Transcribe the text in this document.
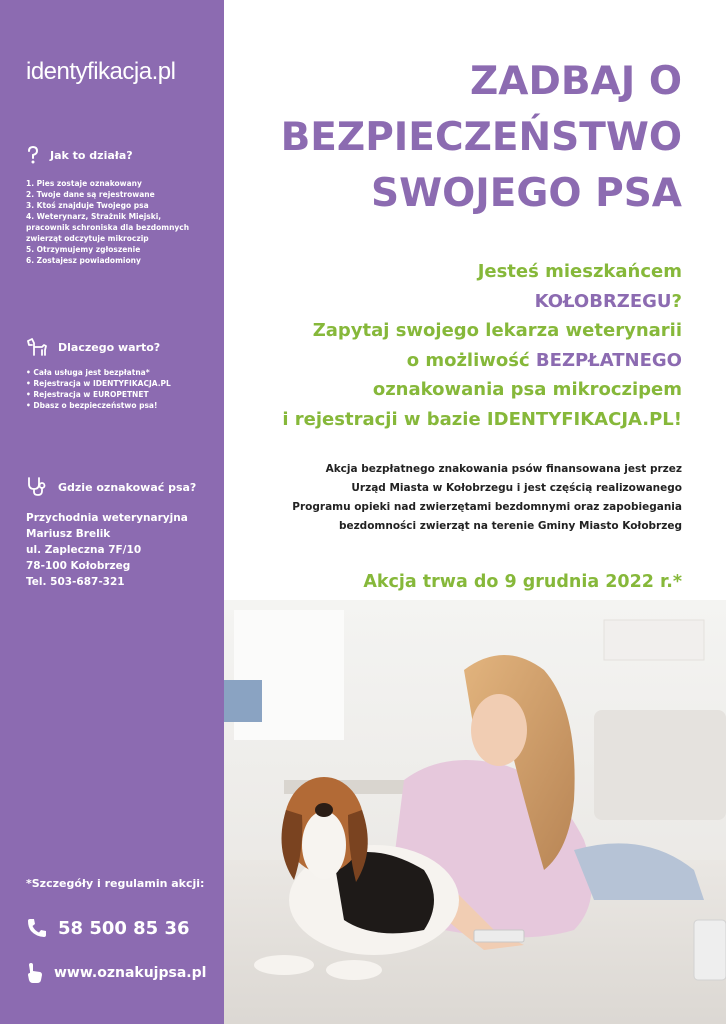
identyfikacja.pl
Jak to działa?
1. Pies zostaje oznakowany
2. Twoje dane są rejestrowane
3. Ktoś znajduje Twojego psa
4. Weterynarz, Strażnik Miejski,
pracownik schroniska dla bezdomnych
zwierząt odczytuje mikroczip
5. Otrzymujemy zgłoszenie
6. Zostajesz powiadomiony
Dlaczego warto?
• Cała usługa jest bezpłatna*
• Rejestracja w IDENTYFIKACJA.PL
• Rejestracja w EUROPETNET
• Dbasz o bezpieczeństwo psa!
Gdzie oznakować psa?
Przychodnia weterynaryjna
Mariusz Brelik
ul. Zapleczna 7F/10
78-100 Kołobrzeg
Tel. 503-687-321
*Szczegóły i regulamin akcji:
58 500 85 36
www.oznakujpsa.pl
ZADBAJ O
BEZPIECZEŃSTWO
SWOJEGO PSA
Jesteś mieszkańcem
KOŁOBRZEGU?
Zapytaj swojego lekarza weterynarii
o możliwość BEZPŁATNEGO
oznakowania psa mikroczipem
i rejestracji w bazie IDENTYFIKACJA.PL!
Akcja bezpłatnego znakowania psów finansowana jest przez
Urząd Miasta w Kołobrzegu i jest częścią realizowanego
Programu opieki nad zwierzętami bezdomnymi oraz zapobiegania
bezdomności zwierząt na terenie Gminy Miasto Kołobrzeg
Akcja trwa do 9 grudnia 2022 r.*
